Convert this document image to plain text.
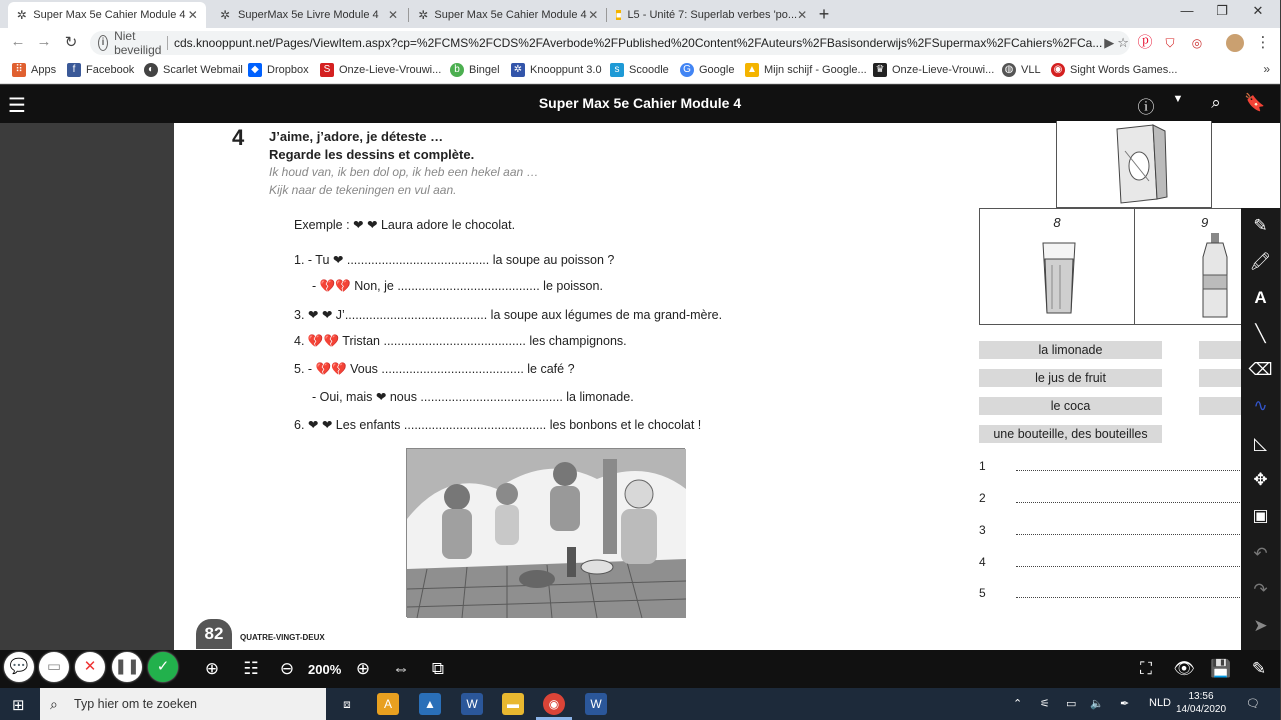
✲ Super Max 5e Cahier Module 4 ✕ ✲ SuperMax 5e Livre Module 4 ✕	✲ Super Max 5e Cahier Module 4 ✕ ■ L5 - Unité 7: Superlab verbes 'po... ✕ +	—	❐	✕
← → ↻	i Niet beveiligd cds.knooppunt.net/Pages/ViewItem.aspx?cp=%2FCMS%2FCDS%2FAverbode%2FPublished%20Content%2FAuteurs%2FBasisonderwijs%2FSupermax%2FCahiers%2FCa... ▶ ☆ ⓟ	⛉	◎	⋮
⠿ Apps	f Facebook	◐ Scarlet Webmail ◆ Dropbox	S Onze-Lieve-Vrouwi...	b Bingel ✲ Knooppunt 3.0	s Scoodle	G Google ▲ Mijn schijf - Google... ♛ Onze-Lieve-Vrouwi... ◍ VLL ◉ Sight Words Games...	»
☰	Super Max 5e Cahier Module 4	ⓘ	▼	⌕	🔖
4 J’aime, j’adore, je déteste …
Regarde les dessins et complète.
Ik houd van, ik ben dol op, ik heb een hekel aan …
Kijk naar de tekeningen en vul aan.
Exemple : ❤ ❤ Laura adore le chocolat.
1. - Tu ❤ ......................................... la soupe au poisson ?
- 💔💔 Non, je ......................................... le poisson.
3. ❤ ❤ J’......................................... la soupe aux légumes de ma grand-mère.
4. 💔💔 Tristan ......................................... les champignons.
5. - 💔💔 Vous ......................................... le café ?
- Oui, mais ❤ nous ......................................... la limonade.
6. ❤ ❤ Les enfants ......................................... les bonbons et le chocolat !
82	QUATRE-VINGT-DEUX
8	9
la limonade
le jus de fruit
le coca
une bouteille, des bouteilles
1
2
3
4
5
✎
🖍
A
╲
⌫
∿
◺
✥
▣
↶
↷
➤
⊕ ☷ ⊖	200% ⊕ ⇔	⧉	⛶	👁 💾 ✎
💬	▭	✕	❚❚	✓
⊞ ⌕	Typ hier om te zoeken	⧈	A	▲	W	▬	◉	W	⌃ ⚟ ▭ 🔈 ✒ NLD
13:56
14/04/2020 🗨
